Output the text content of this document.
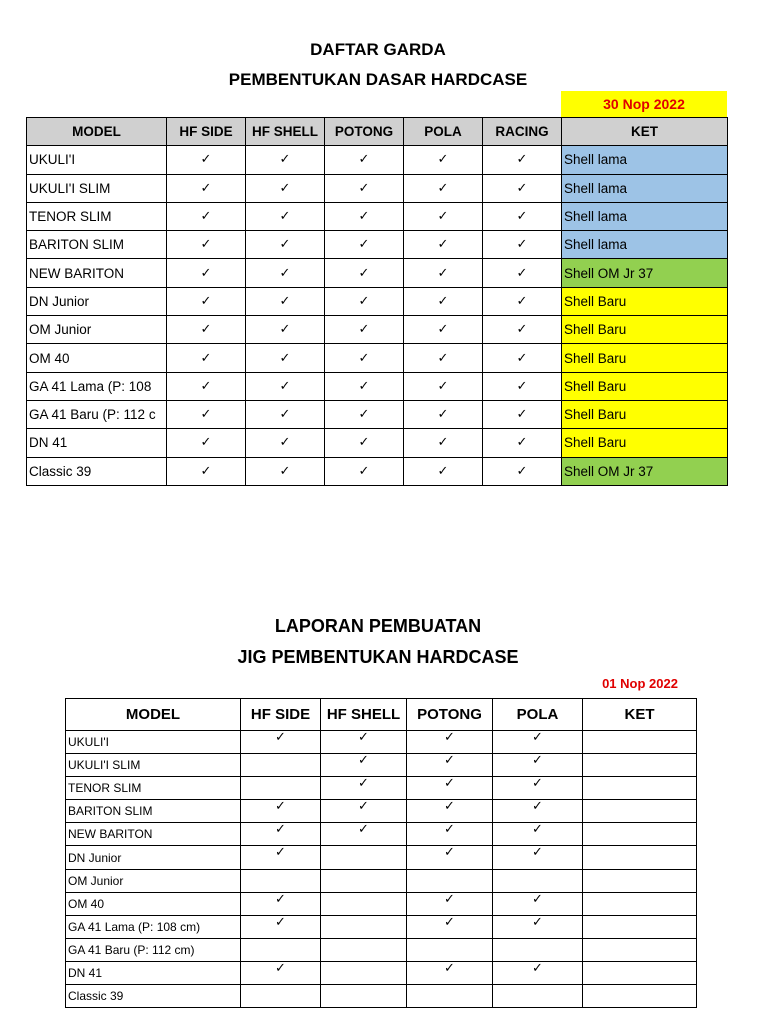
DAFTAR GARDA
PEMBENTUKAN DASAR HARDCASE
30 Nop 2022
MODEL	HF SIDE	HF SHELL	POTONG	POLA	RACING	KET
UKULI'I	✓	✓	✓	✓	✓	Shell lama
UKULI'I SLIM	✓	✓	✓	✓	✓	Shell lama
TENOR SLIM	✓	✓	✓	✓	✓	Shell lama
BARITON SLIM	✓	✓	✓	✓	✓	Shell lama
NEW BARITON	✓	✓	✓	✓	✓	Shell OM Jr 37
DN Junior	✓	✓	✓	✓	✓	Shell Baru
OM Junior	✓	✓	✓	✓	✓	Shell Baru
OM 40	✓	✓	✓	✓	✓	Shell Baru
GA 41 Lama (P: 108	✓	✓	✓	✓	✓	Shell Baru
GA 41 Baru (P: 112 c	✓	✓	✓	✓	✓	Shell Baru
DN 41	✓	✓	✓	✓	✓	Shell Baru
Classic 39	✓	✓	✓	✓	✓	Shell OM Jr 37
LAPORAN PEMBUATAN
JIG PEMBENTUKAN HARDCASE
01 Nop 2022
MODEL	HF SIDE	HF SHELL	POTONG	POLA	KET
UKULI'I	✓	✓	✓	✓	
UKULI'I SLIM		✓	✓	✓	
TENOR SLIM		✓	✓	✓	
BARITON SLIM	✓	✓	✓	✓	
NEW BARITON	✓	✓	✓	✓	
DN Junior	✓		✓	✓	
OM Junior					
OM 40	✓		✓	✓	
GA 41 Lama (P: 108 cm)	✓		✓	✓	
GA 41 Baru (P: 112 cm)					
DN 41	✓		✓	✓	
Classic 39					
